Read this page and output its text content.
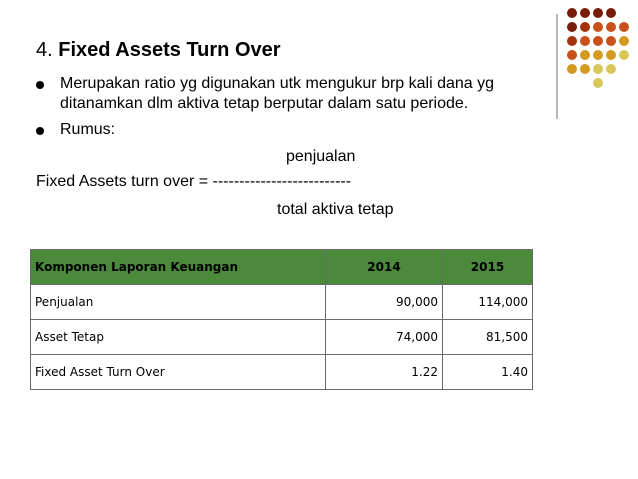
4. Fixed Assets Turn Over
Merupakan ratio yg digunakan utk mengukur brp kali dana yg ditanamkan dlm aktiva tetap berputar dalam satu periode.
Rumus:
penjualan
Fixed Assets turn over = --------------------------
total aktiva tetap
Komponen Laporan Keuangan	2014	2015
Penjualan	90,000	114,000
Asset Tetap	74,000	81,500
Fixed Asset Turn Over	1.22	1.40
